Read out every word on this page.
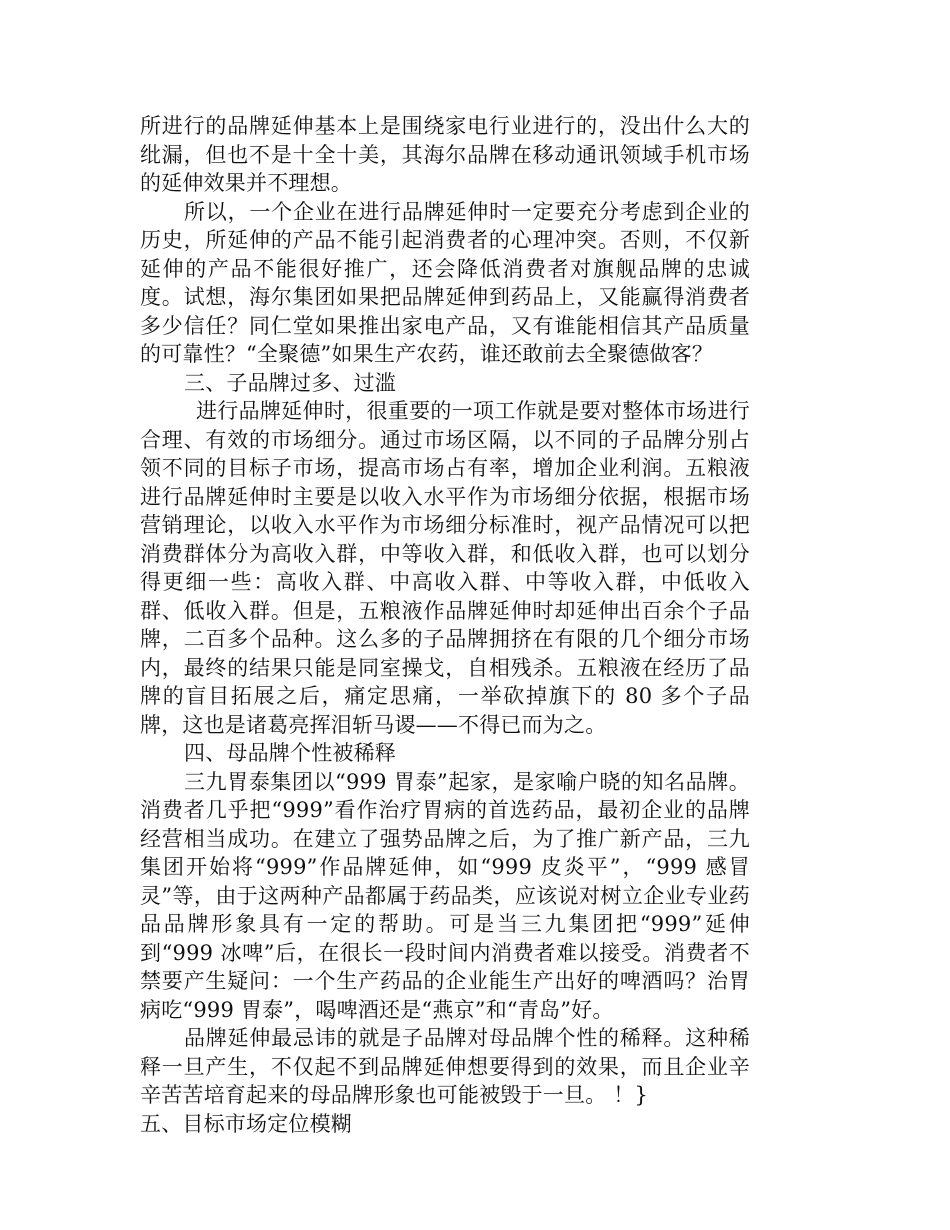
所进行的品牌延伸基本上是围绕家电行业进行的，没出什么大的纰漏，但也不是十全十美，其海尔品牌在移动通讯领域手机市场的延伸效果并不理想。

所以，一个企业在进行品牌延伸时一定要充分考虑到企业的历史，所延伸的产品不能引起消费者的心理冲突。否则，不仅新延伸的产品不能很好推广，还会降低消费者对旗舰品牌的忠诚度。试想，海尔集团如果把品牌延伸到药品上，又能赢得消费者多少信任？同仁堂如果推出家电产品，又有谁能相信其产品质量的可靠性？“全聚德”如果生产农药，谁还敢前去全聚德做客？

三、子品牌过多、过滥

进行品牌延伸时，很重要的一项工作就是要对整体市场进行合理、有效的市场细分。通过市场区隔，以不同的子品牌分别占领不同的目标子市场，提高市场占有率，增加企业利润。五粮液进行品牌延伸时主要是以收入水平作为市场细分依据，根据市场营销理论，以收入水平作为市场细分标准时，视产品情况可以把消费群体分为高收入群，中等收入群，和低收入群，也可以划分得更细一些：高收入群、中高收入群、中等收入群，中低收入群、低收入群。但是，五粮液作品牌延伸时却延伸出百余个子品牌，二百多个品种。这么多的子品牌拥挤在有限的几个细分市场内，最终的结果只能是同室操戈，自相残杀。五粮液在经历了品牌的盲目拓展之后，痛定思痛，一举砍掉旗下的 80 多个子品牌，这也是诸葛亮挥泪斩马谡——不得已而为之。

四、母品牌个性被稀释

三九胃泰集团以“999 胃泰”起家，是家喻户晓的知名品牌。消费者几乎把“999”看作治疗胃病的首选药品，最初企业的品牌经营相当成功。在建立了强势品牌之后，为了推广新产品，三九集团开始将“999”作品牌延伸，如“999 皮炎平”，“999 感冒灵”等，由于这两种产品都属于药品类，应该说对树立企业专业药品品牌形象具有一定的帮助。可是当三九集团把“999”延伸到“999 冰啤”后，在很长一段时间内消费者难以接受。消费者不禁要产生疑问：一个生产药品的企业能生产出好的啤酒吗？治胃病吃“999 胃泰”，喝啤酒还是“燕京”和“青岛”好。

品牌延伸最忌讳的就是子品牌对母品牌个性的稀释。这种稀释一旦产生，不仅起不到品牌延伸想要得到的效果，而且企业辛辛苦苦培育起来的母品牌形象也可能被毁于一旦。 ！}

五、目标市场定位模糊
